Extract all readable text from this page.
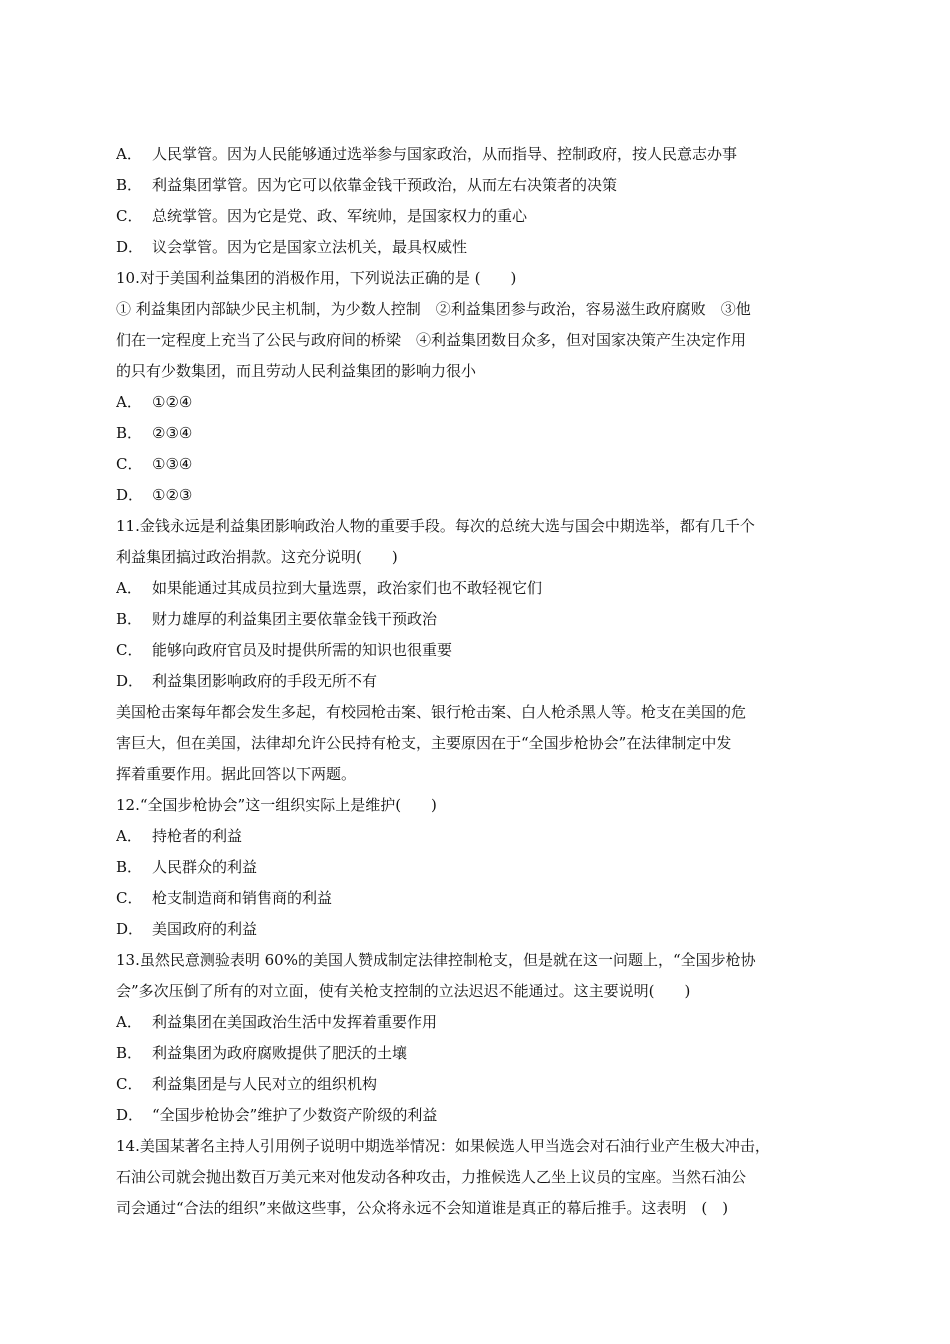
A． 人民掌管。因为人民能够通过选举参与国家政治，从而指导、控制政府，按人民意志办事
B． 利益集团掌管。因为它可以依靠金钱干预政治，从而左右决策者的决策
C． 总统掌管。因为它是党、政、军统帅，是国家权力的重心
D． 议会掌管。因为它是国家立法机关，最具权威性
10.对于美国利益集团的消极作用，下列说法正确的是 (　　)
① 利益集团内部缺少民主机制，为少数人控制　②利益集团参与政治，容易滋生政府腐败　③他
们在一定程度上充当了公民与政府间的桥梁　④利益集团数目众多，但对国家决策产生决定作用
的只有少数集团，而且劳动人民利益集团的影响力很小
A． ①②④
B． ②③④
C． ①③④
D． ①②③
11.金钱永远是利益集团影响政治人物的重要手段。每次的总统大选与国会中期选举，都有几千个
利益集团搞过政治捐款。这充分说明(　　)
A． 如果能通过其成员拉到大量选票，政治家们也不敢轻视它们
B． 财力雄厚的利益集团主要依靠金钱干预政治
C． 能够向政府官员及时提供所需的知识也很重要
D． 利益集团影响政府的手段无所不有
美国枪击案每年都会发生多起，有校园枪击案、银行枪击案、白人枪杀黑人等。枪支在美国的危
害巨大，但在美国，法律却允许公民持有枪支，主要原因在于“全国步枪协会”在法律制定中发
挥着重要作用。据此回答以下两题。
12.“全国步枪协会”这一组织实际上是维护(　　)
A． 持枪者的利益
B． 人民群众的利益
C． 枪支制造商和销售商的利益
D． 美国政府的利益
13.虽然民意测验表明 60%的美国人赞成制定法律控制枪支，但是就在这一问题上，“全国步枪协
会”多次压倒了所有的对立面，使有关枪支控制的立法迟迟不能通过。这主要说明(　　)
A． 利益集团在美国政治生活中发挥着重要作用
B． 利益集团为政府腐败提供了肥沃的土壤
C． 利益集团是与人民对立的组织机构
D． “全国步枪协会”维护了少数资产阶级的利益
14.美国某著名主持人引用例子说明中期选举情况：如果候选人甲当选会对石油行业产生极大冲击，
石油公司就会抛出数百万美元来对他发动各种攻击，力推候选人乙坐上议员的宝座。当然石油公
司会通过“合法的组织”来做这些事，公众将永远不会知道谁是真正的幕后推手。这表明　(　)
